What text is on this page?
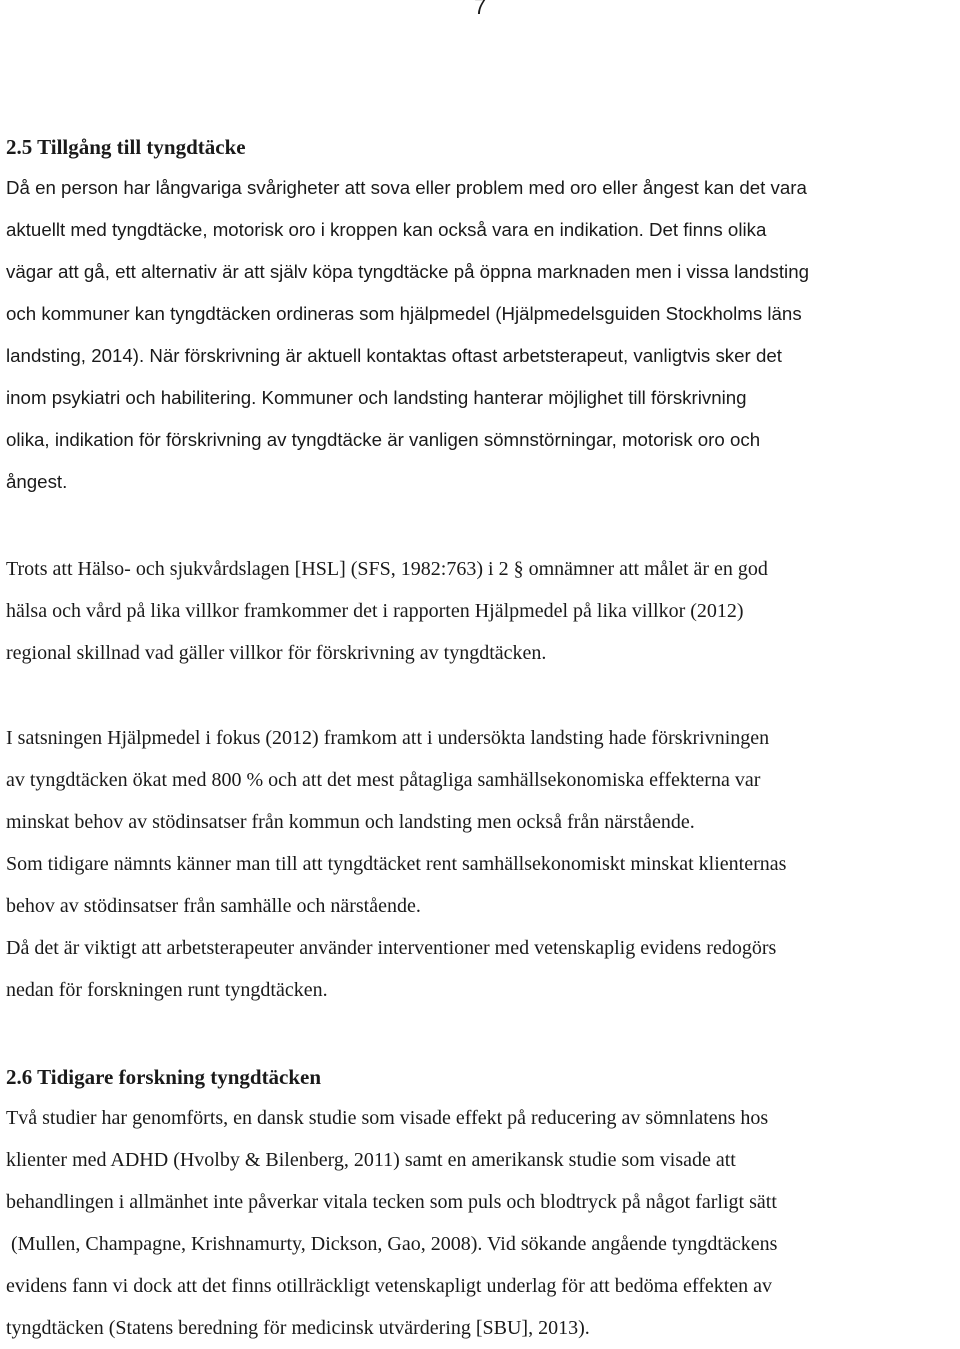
7
2.5 Tillgång till tyngdtäcke
Då en person har långvariga svårigheter att sova eller problem med oro eller ångest kan det vara
aktuellt med tyngdtäcke, motorisk oro i kroppen kan också vara en indikation. Det finns olika
vägar att gå, ett alternativ är att själv köpa tyngdtäcke på öppna marknaden men i vissa landsting
och kommuner kan tyngdtäcken ordineras som hjälpmedel (Hjälpmedelsguiden Stockholms läns
landsting, 2014). När förskrivning är aktuell kontaktas oftast arbetsterapeut, vanligtvis sker det
inom psykiatri och habilitering. Kommuner och landsting hanterar möjlighet till förskrivning
olika, indikation för förskrivning av tyngdtäcke är vanligen sömnstörningar, motorisk oro och
ångest.
Trots att Hälso- och sjukvårdslagen [HSL] (SFS, 1982:763) i 2 § omnämner att målet är en god
hälsa och vård på lika villkor framkommer det i rapporten Hjälpmedel på lika villkor (2012)
regional skillnad vad gäller villkor för förskrivning av tyngdtäcken.
I satsningen Hjälpmedel i fokus (2012) framkom att i undersökta landsting hade förskrivningen
av tyngdtäcken ökat med 800 % och att det mest påtagliga samhällsekonomiska effekterna var
minskat behov av stödinsatser från kommun och landsting men också från närstående.
Som tidigare nämnts känner man till att tyngdtäcket rent samhällsekonomiskt minskat klienternas
behov av stödinsatser från samhälle och närstående.
Då det är viktigt att arbetsterapeuter använder interventioner med vetenskaplig evidens redogörs
nedan för forskningen runt tyngdtäcken.
2.6 Tidigare forskning tyngdtäcken
Två studier har genomförts, en dansk studie som visade effekt på reducering av sömnlatens hos
klienter med ADHD (Hvolby & Bilenberg, 2011) samt en amerikansk studie som visade att
behandlingen i allmänhet inte påverkar vitala tecken som puls och blodtryck på något farligt sätt
(Mullen, Champagne, Krishnamurty, Dickson, Gao, 2008). Vid sökande angående tyngdtäckens
evidens fann vi dock att det finns otillräckligt vetenskapligt underlag för att bedöma effekten av
tyngdtäcken (Statens beredning för medicinsk utvärdering [SBU], 2013).
